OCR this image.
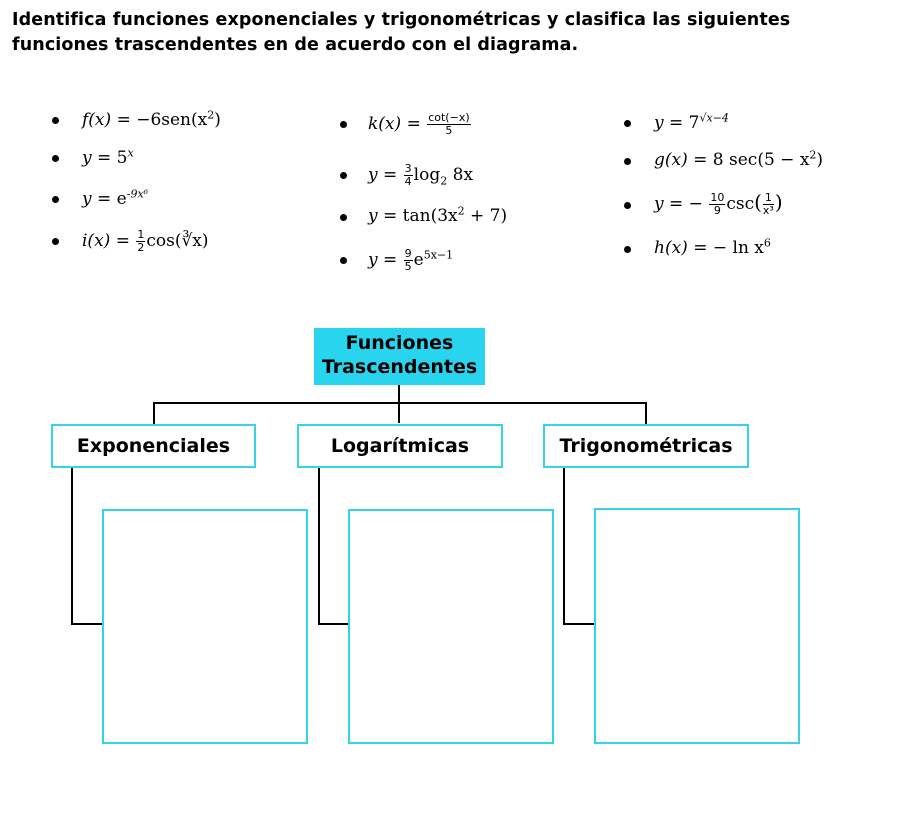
Identifica funciones exponenciales y trigonométricas y clasifica las siguientes funciones trascendentes en de acuerdo con el diagrama.
$f(x) = -6sen(x^2)$
$y = 5^x$
$y = e^{-9x^6}$
$i(x) = \frac{1}{2}$ cos(∛x)
$k(x) = \frac{\cot(-x)}{5}$
$y = \frac{3}{4} \log_2 8x$
$y = \tan(3x^2 + 7)$
$y = \frac{9}{5} e^{5x-1}$
$y = 7^{√x-4}$
g(x) = 8 $\sec(5 - x^2)$
y = − $\frac{10}{9} \csc( \frac{1}{\text{x³}}$ )
h(x) = − $\ln x^6$
Funciones
Trascendentes
Exponenciales	Logarítmicas	Trigonométricas
